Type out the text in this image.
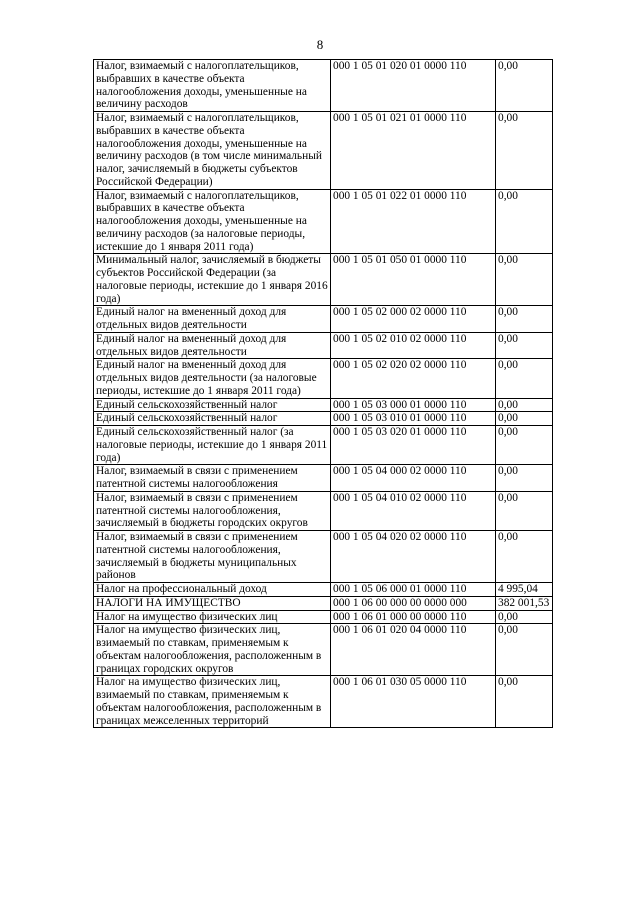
8
Налог, взимаемый с налогоплательщиков, выбравших в качестве объекта налогообложения доходы, уменьшенные на величину расходов	000 1 05 01 020 01 0000 110	0,00
Налог, взимаемый с налогоплательщиков, выбравших в качестве объекта налогообложения доходы, уменьшенные на величину расходов (в том числе минимальный налог, зачисляемый в бюджеты субъектов Российской Федерации)	000 1 05 01 021 01 0000 110	0,00
Налог, взимаемый с налогоплательщиков, выбравших в качестве объекта налогообложения доходы, уменьшенные на величину расходов (за налоговые периоды, истекшие до 1 января 2011 года)	000 1 05 01 022 01 0000 110	0,00
Минимальный налог, зачисляемый в бюджеты субъектов Российской Федерации (за налоговые периоды, истекшие до 1 января 2016 года)	000 1 05 01 050 01 0000 110	0,00
Единый налог на вмененный доход для отдельных видов деятельности	000 1 05 02 000 02 0000 110	0,00
Единый налог на вмененный доход для отдельных видов деятельности	000 1 05 02 010 02 0000 110	0,00
Единый налог на вмененный доход для отдельных видов деятельности (за налоговые периоды, истекшие до 1 января 2011 года)	000 1 05 02 020 02 0000 110	0,00
Единый сельскохозяйственный налог	000 1 05 03 000 01 0000 110	0,00
Единый сельскохозяйственный налог	000 1 05 03 010 01 0000 110	0,00
Единый сельскохозяйственный налог (за налоговые периоды, истекшие до 1 января 2011 года)	000 1 05 03 020 01 0000 110	0,00
Налог, взимаемый в связи с применением патентной системы налогообложения	000 1 05 04 000 02 0000 110	0,00
Налог, взимаемый в связи с применением патентной системы налогообложения, зачисляемый в бюджеты городских округов	000 1 05 04 010 02 0000 110	0,00
Налог, взимаемый в связи с применением патентной системы налогообложения, зачисляемый в бюджеты муниципальных районов	000 1 05 04 020 02 0000 110	0,00
Налог на профессиональный доход	000 1 05 06 000 01 0000 110	4 995,04
НАЛОГИ НА ИМУЩЕСТВО	000 1 06 00 000 00 0000 000	382 001,53
Налог на имущество физических лиц	000 1 06 01 000 00 0000 110	0,00
Налог на имущество физических лиц, взимаемый по ставкам, применяемым к объектам налогообложения, расположенным в границах городских округов	000 1 06 01 020 04 0000 110	0,00
Налог на имущество физических лиц, взимаемый по ставкам, применяемым к объектам налогообложения, расположенным в границах межселенных территорий	000 1 06 01 030 05 0000 110	0,00
